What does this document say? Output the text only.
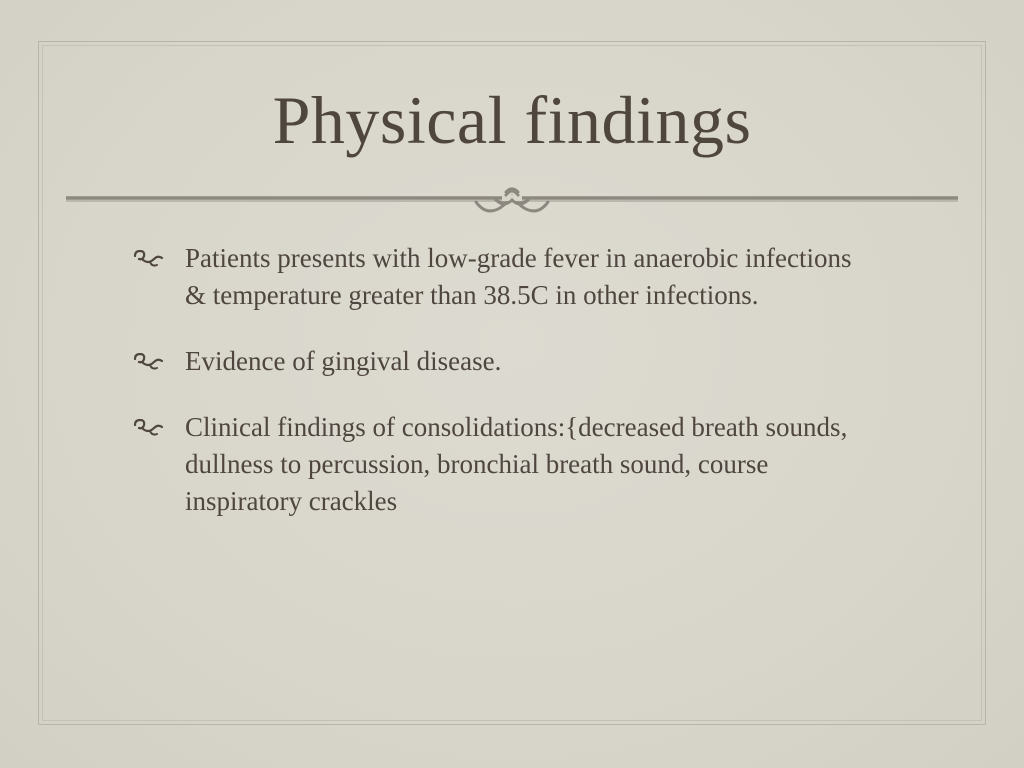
Physical findings
Patients presents with low-grade fever in anaerobic infections & temperature greater than 38.5C in other infections.
Evidence of gingival disease.
Clinical findings of consolidations:{decreased breath sounds, dullness to percussion, bronchial breath sound, course inspiratory crackles
